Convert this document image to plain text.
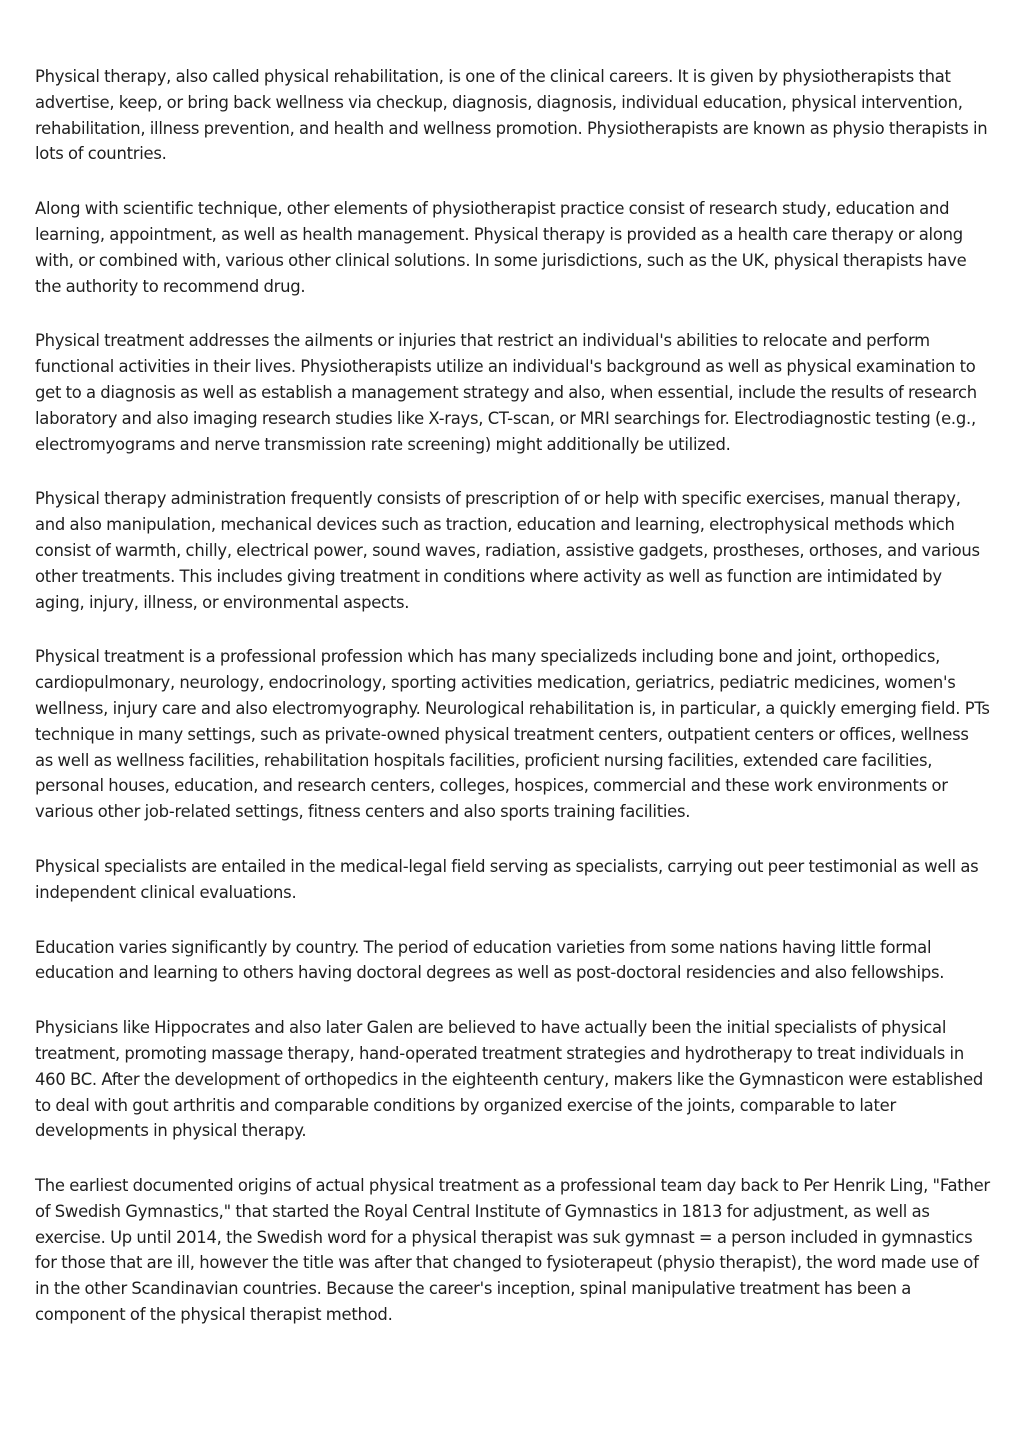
Physical therapy, also called physical rehabilitation, is one of the clinical careers. It is given by physiotherapists that advertise, keep, or bring back wellness via checkup, diagnosis, diagnosis, individual education, physical intervention, rehabilitation, illness prevention, and health and wellness promotion. Physiotherapists are known as physio therapists in lots of countries.

Along with scientific technique, other elements of physiotherapist practice consist of research study, education and learning, appointment, as well as health management. Physical therapy is provided as a health care therapy or along with, or combined with, various other clinical solutions. In some jurisdictions, such as the UK, physical therapists have the authority to recommend drug.

Physical treatment addresses the ailments or injuries that restrict an individual's abilities to relocate and perform functional activities in their lives. Physiotherapists utilize an individual's background as well as physical examination to get to a diagnosis as well as establish a management strategy and also, when essential, include the results of research laboratory and also imaging research studies like X-rays, CT-scan, or MRI searchings for. Electrodiagnostic testing (e.g., electromyograms and nerve transmission rate screening) might additionally be utilized.

Physical therapy administration frequently consists of prescription of or help with specific exercises, manual therapy, and also manipulation, mechanical devices such as traction, education and learning, electrophysical methods which consist of warmth, chilly, electrical power, sound waves, radiation, assistive gadgets, prostheses, orthoses, and various other treatments. This includes giving treatment in conditions where activity as well as function are intimidated by aging, injury, illness, or environmental aspects.

Physical treatment is a professional profession which has many specializeds including bone and joint, orthopedics, cardiopulmonary, neurology, endocrinology, sporting activities medication, geriatrics, pediatric medicines, women's wellness, injury care and also electromyography. Neurological rehabilitation is, in particular, a quickly emerging field. PTs technique in many settings, such as private-owned physical treatment centers, outpatient centers or offices, wellness as well as wellness facilities, rehabilitation hospitals facilities, proficient nursing facilities, extended care facilities, personal houses, education, and research centers, colleges, hospices, commercial and these work environments or various other job-related settings, fitness centers and also sports training facilities.

Physical specialists are entailed in the medical-legal field serving as specialists, carrying out peer testimonial as well as independent clinical evaluations.

Education varies significantly by country. The period of education varieties from some nations having little formal education and learning to others having doctoral degrees as well as post-doctoral residencies and also fellowships.

Physicians like Hippocrates and also later Galen are believed to have actually been the initial specialists of physical treatment, promoting massage therapy, hand-operated treatment strategies and hydrotherapy to treat individuals in 460 BC. After the development of orthopedics in the eighteenth century, makers like the Gymnasticon were established to deal with gout arthritis and comparable conditions by organized exercise of the joints, comparable to later developments in physical therapy.

The earliest documented origins of actual physical treatment as a professional team day back to Per Henrik Ling, "Father of Swedish Gymnastics," that started the Royal Central Institute of Gymnastics in 1813 for adjustment, as well as exercise. Up until 2014, the Swedish word for a physical therapist was suk gymnast = a person included in gymnastics for those that are ill, however the title was after that changed to fysioterapeut (physio therapist), the word made use of in the other Scandinavian countries. Because the career's inception, spinal manipulative treatment has been a component of the physical therapist method.
